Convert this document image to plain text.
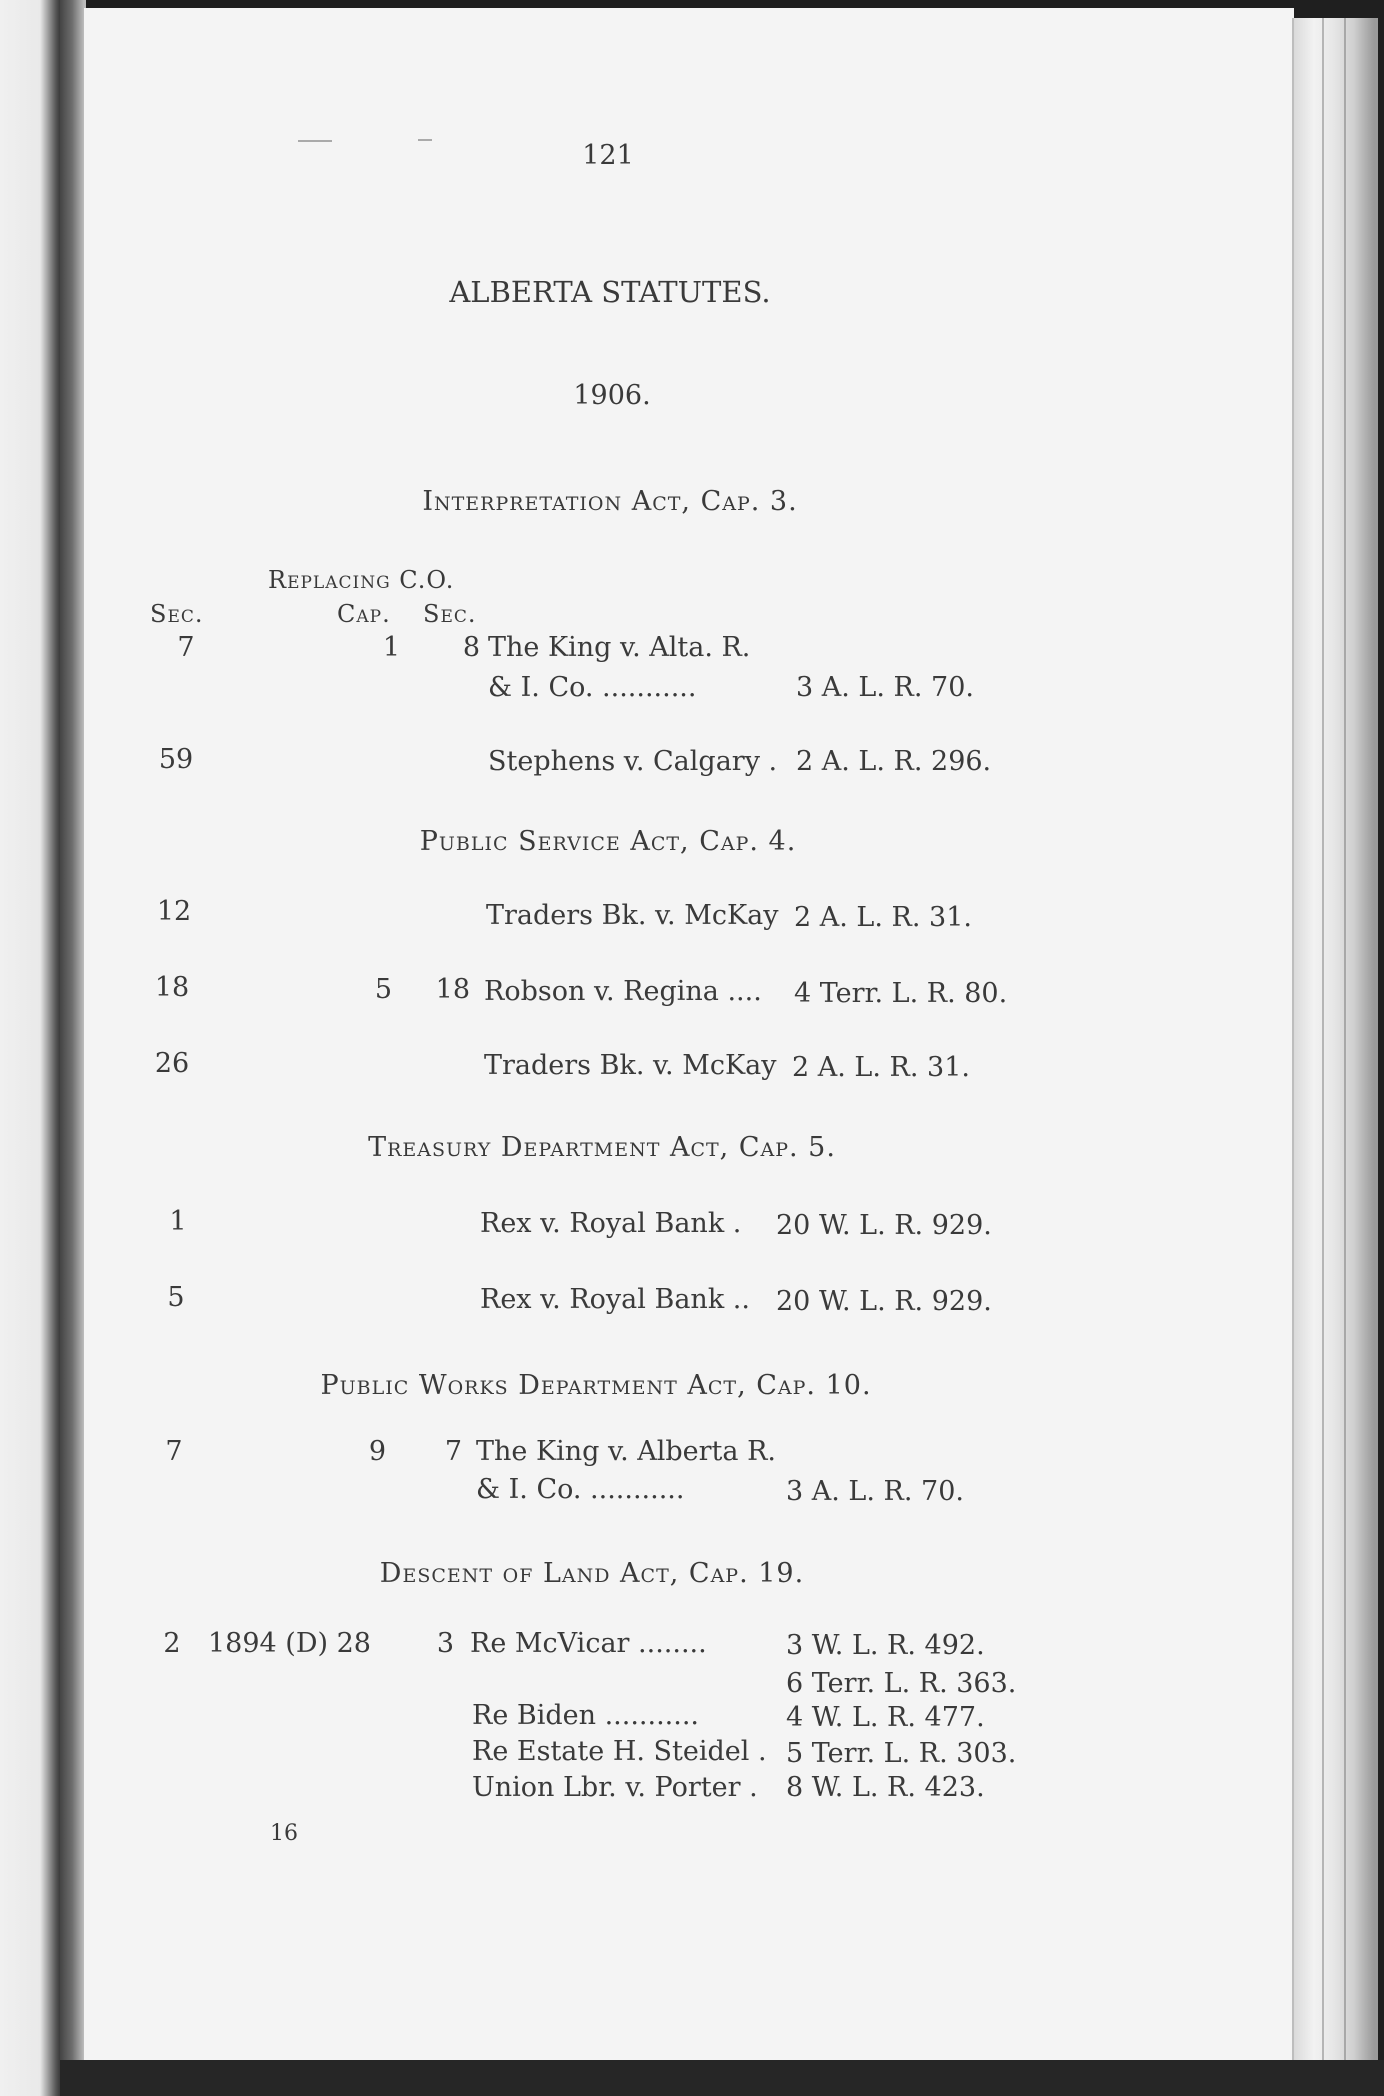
121
ALBERTA STATUTES.
1906.
Interpretation Act, Cap. 3.
Replacing C.O.
Sec.	Cap. Sec.
7	1 8 The King v. Alta. R.
& I. Co. ...........	3 A. L. R. 70.
59	Stephens v. Calgary . 2 A. L. R. 296.
Public Service Act, Cap. 4.
12	Traders Bk. v. McKay 2 A. L. R. 31.
18	5 18 Robson v. Regina .... 4 Terr. L. R. 80.
26	Traders Bk. v. McKay 2 A. L. R. 31.
Treasury Department Act, Cap. 5.
1	Rex v. Royal Bank . 20 W. L. R. 929.
5	Rex v. Royal Bank .. 20 W. L. R. 929.
Public Works Department Act, Cap. 10.
7	9 7 The King v. Alberta R.
& I. Co. ...........	3 A. L. R. 70.
Descent of Land Act, Cap. 19.
2 1894 (D) 28 3 Re McVicar ........	3 W. L. R. 492.
6 Terr. L. R. 363.
Re Biden ...........	4 W. L. R. 477.
Re Estate H. Steidel . 5 Terr. L. R. 303.
Union Lbr. v. Porter . 8 W. L. R. 423.
16
